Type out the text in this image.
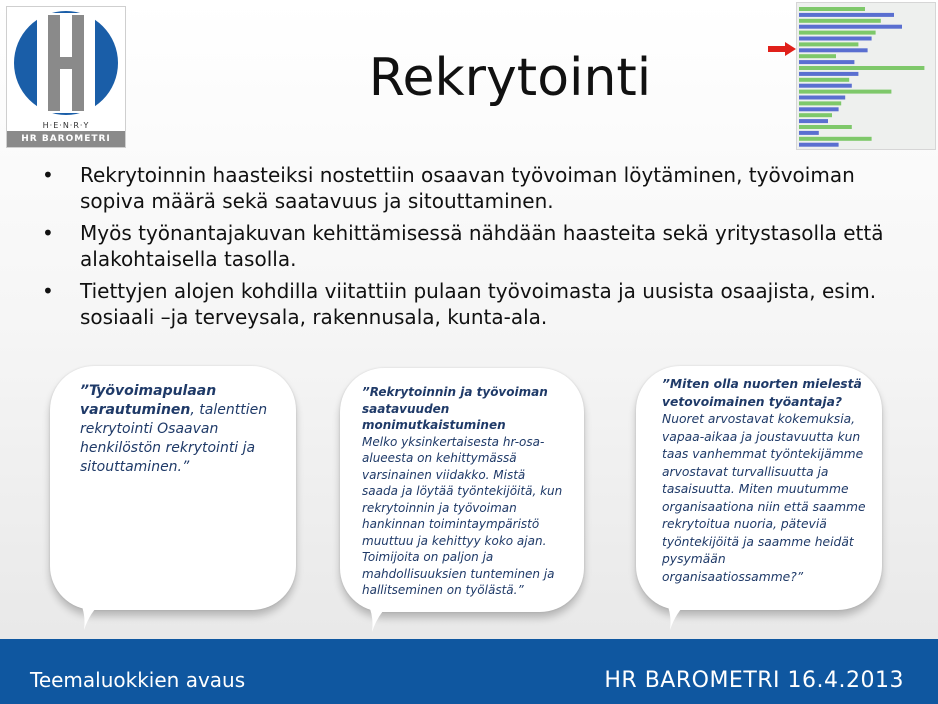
H·E·N·R·Y
HR BAROMETRI
Rekrytointi
• Rekrytoinnin haasteiksi nostettiin osaavan työvoiman löytäminen, työvoiman sopiva määrä sekä saatavuus ja sitouttaminen.
• Myös työnantajakuvan kehittämisessä nähdään haasteita sekä yritystasolla että alakohtaisella tasolla.
• Tiettyjen alojen kohdilla viitattiin pulaan työvoimasta ja uusista osaajista, esim. sosiaali –ja terveysala, rakennusala, kunta-ala.

”Työvoimapulaan varautuminen, talenttien rekrytointi Osaavan henkilöstön rekrytointi ja sitouttaminen.”

”Rekrytoinnin ja työvoiman saatavuuden monimutkaistuminen
Melko yksinkertaisesta hr-osa-alueesta on kehittymässä varsinainen viidakko. Mistä saada ja löytää työntekijöitä, kun rekrytoinnin ja työvoiman hankinnan toimintaympäristö muuttuu ja kehittyy koko ajan. Toimijoita on paljon ja mahdollisuuksien tunteminen ja hallitseminen on työlästä.”

”Miten olla nuorten mielestä vetovoimainen työantaja?
Nuoret arvostavat kokemuksia, vapaa-aikaa ja joustavuutta kun taas vanhemmat työntekijämme arvostavat turvallisuutta ja tasaisuutta. Miten muutumme organisaationa niin että saamme rekrytoitua nuoria, päteviä työntekijöitä ja saamme heidät pysymään organisaatiossamme?”

Teemaluokkien avaus	HR BAROMETRI 16.4.2013
